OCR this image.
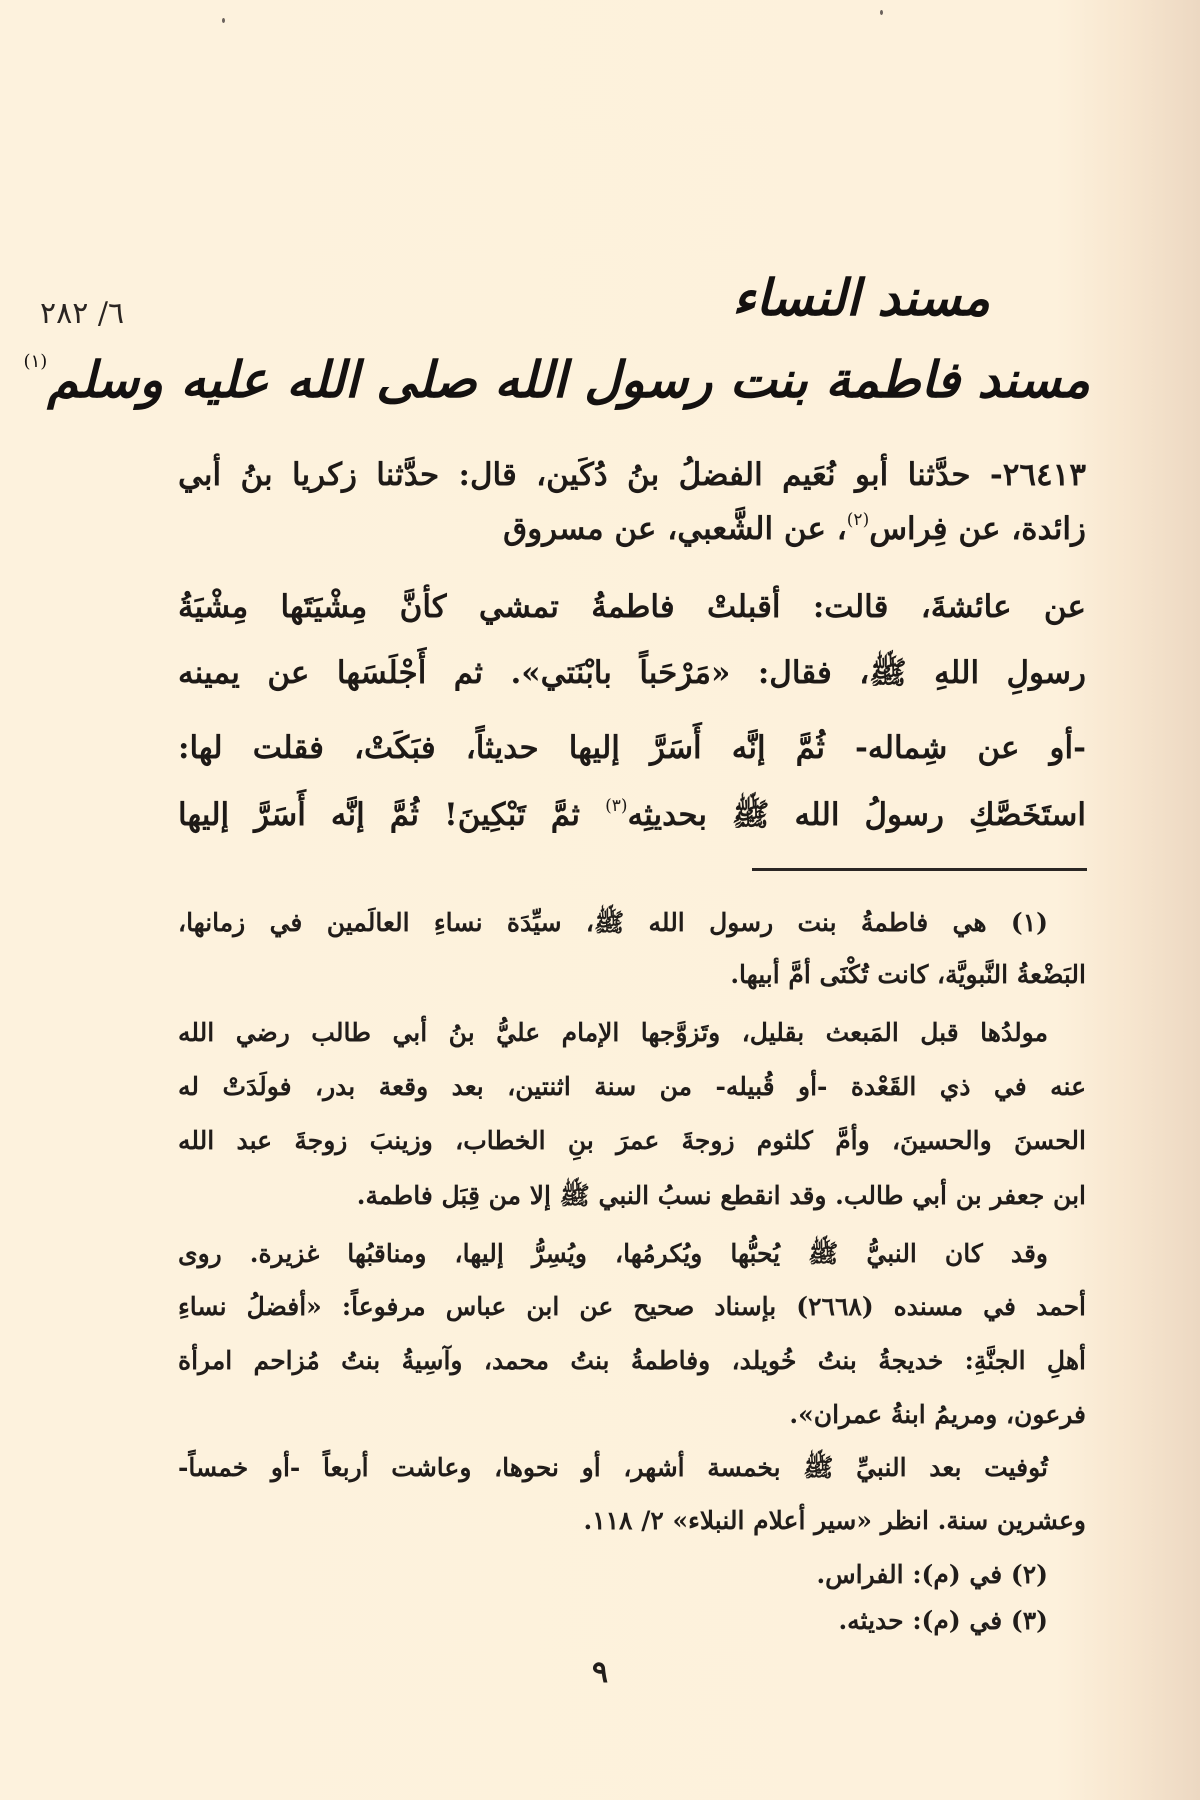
٦/ ٢٨٢	مسند النساء
مسند فاطمة بنت رسول الله صلى الله عليه وسلم$^{(١)}$
٢٦٤١٣- حدَّثنا أبو نُعَيم الفضلُ بنُ دُكَين، قال: حدَّثنا زكريا بنُ أبي
زائدة، عن فِراس$^{(٢)}$، عن الشَّعبي، عن مسروق
عن عائشةَ، قالت: أقبلتْ فاطمةُ تمشي كأنَّ مِشْيَتَها مِشْيَةُ
رسولِ اللهِ ﷺ، فقال: «مَرْحَباً بابْنَتي». ثم أَجْلَسَها عن يمينه
-أو عن شِماله- ثُمَّ إنَّه أَسَرَّ إليها حديثاً، فبَكَتْ، فقلت لها:
استَخَصَّكِ رسولُ الله ﷺ بحديثِه$^{(٣)}$ ثمَّ تَبْكِينَ! ثُمَّ إنَّه أَسَرَّ إليها
(١) هي فاطمةُ بنت رسول الله ﷺ، سيِّدَة نساءِ العالَمين في زمانها،
البَضْعةُ النَّبويَّة، كانت تُكْنَى أمَّ أبيها.
مولدُها قبل المَبعث بقليل، وتَزوَّجها الإمام عليُّ بنُ أبي طالب رضي الله
عنه في ذي القَعْدة -أو قُبيله- من سنة اثنتين، بعد وقعة بدر، فولَدَتْ له
الحسنَ والحسينَ، وأمَّ كلثوم زوجةَ عمرَ بنِ الخطاب، وزينبَ زوجةَ عبد الله
ابن جعفر بن أبي طالب. وقد انقطع نسبُ النبي ﷺ إلا من قِبَل فاطمة.
وقد كان النبيُّ ﷺ يُحبُّها ويُكرمُها، ويُسِرُّ إليها، ومناقبُها غزيرة. روى
أحمد في مسنده (٢٦٦٨) بإسناد صحيح عن ابن عباس مرفوعاً: «أفضلُ نساءِ
أهلِ الجنَّةِ: خديجةُ بنتُ خُويلد، وفاطمةُ بنتُ محمد، وآسِيةُ بنتُ مُزاحم امرأة
فرعون، ومريمُ ابنةُ عمران».
تُوفيت بعد النبيِّ ﷺ بخمسة أشهر، أو نحوها، وعاشت أربعاً -أو خمساً-
وعشرين سنة. انظر «سير أعلام النبلاء» ٢/ ١١٨.
(٢) في (م): الفراس.
(٣) في (م): حديثه.
٩
